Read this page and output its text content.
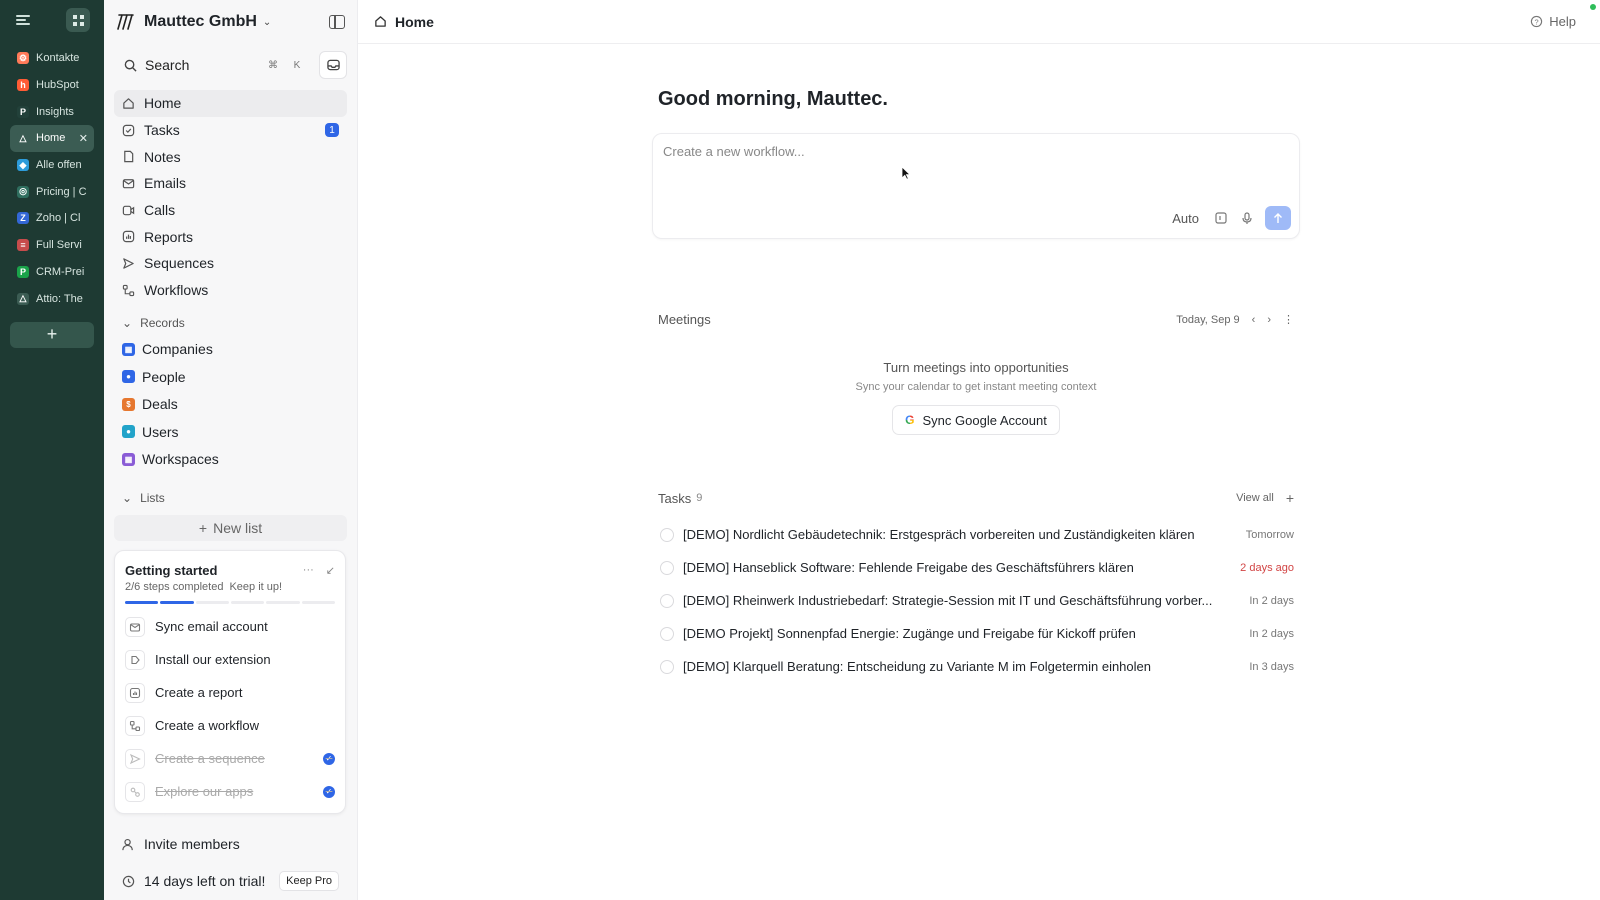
⚙ Kontakte
h HubSpot
P Insights
△ Home	✕
◆ Alle offen
◎ Pricing | C
Z Zoho | Cl
≡ Full Servi
P CRM-Prei
△ Attio: The
+
Mauttec GmbH ⌄
Search	⌘	K
Home
Tasks	1
Notes
Emails
Calls
Reports
Sequences
Workflows
⌄ Records
▦ Companies
● People
$ Deals
● Users
▦ Workspaces
⌄ Lists
+ New list
Getting started	··· ↙
2/6 steps completed Keep it up!
Sync email account
Install our extension
Create a report
Create a workflow
Create a sequence	✓
Explore our apps	✓
Invite members
14 days left on trial!	Keep Pro
Home	? Help
Good morning, Mauttec.
Create a new workflow...
Auto
Meetings	Today, Sep 9 ‹ › ⋮
Turn meetings into opportunities
Sync your calendar to get instant meeting context
G Sync Google Account
Tasks 9	View all +
[DEMO] Nordlicht Gebäudetechnik: Erstgespräch vorbereiten und Zuständigkeiten klären	Tomorrow
[DEMO] Hanseblick Software: Fehlende Freigabe des Geschäftsführers klären	2 days ago
[DEMO] Rheinwerk Industriebedarf: Strategie-Session mit IT und Geschäftsführung vorber...	In 2 days
[DEMO Projekt] Sonnenpfad Energie: Zugänge und Freigabe für Kickoff prüfen	In 2 days
[DEMO] Klarquell Beratung: Entscheidung zu Variante M im Folgetermin einholen	In 3 days
